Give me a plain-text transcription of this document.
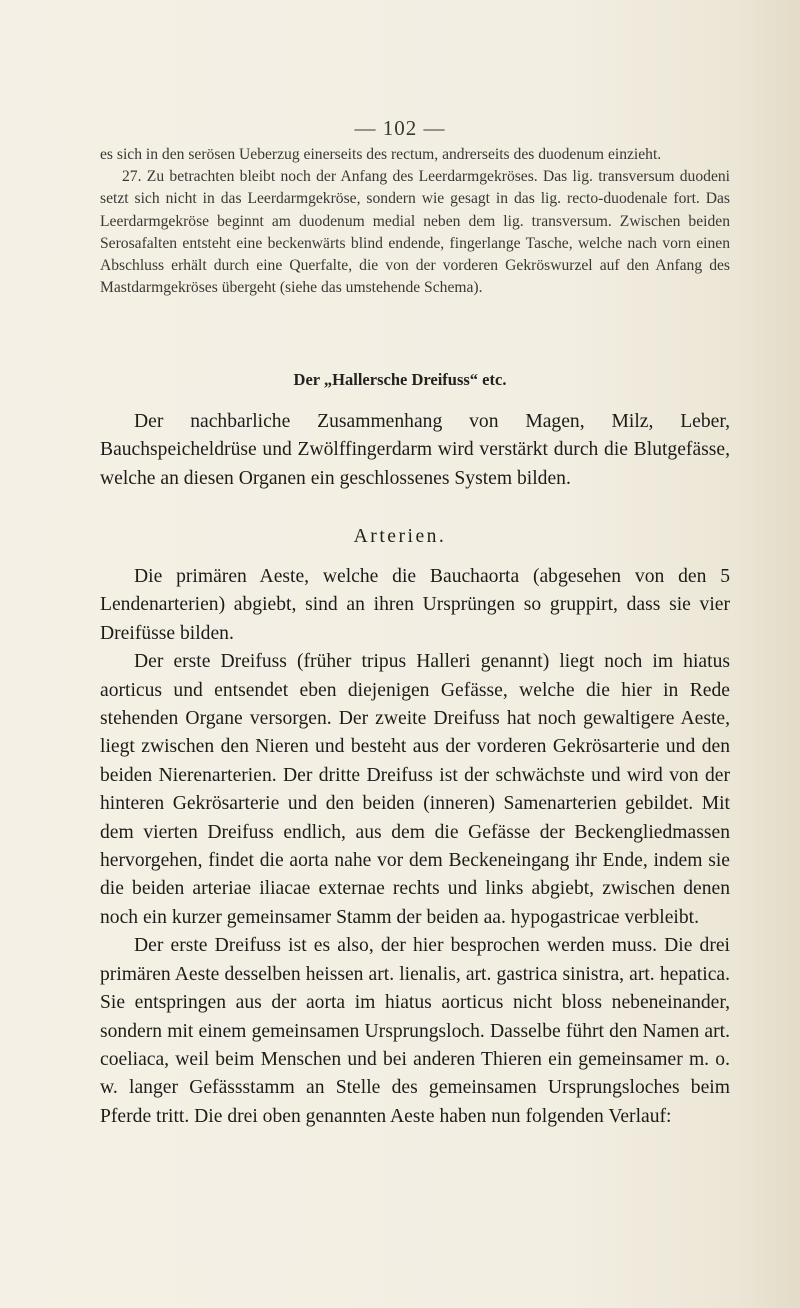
— 102 —

es sich in den serösen Ueberzug einerseits des rectum, andrerseits des duodenum einzieht.

27. Zu betrachten bleibt noch der Anfang des Leerdarmgekröses. Das lig. transversum duodeni setzt sich nicht in das Leerdarmgekröse, sondern wie gesagt in das lig. recto-duodenale fort. Das Leerdarmgekröse beginnt am duodenum medial neben dem lig. transversum. Zwischen beiden Serosafalten entsteht eine beckenwärts blind endende, fingerlange Tasche, welche nach vorn einen Abschluss erhält durch eine Querfalte, die von der vorderen Gekröswurzel auf den Anfang des Mastdarmgekröses übergeht (siehe das umstehende Schema).

Der „Hallersche Dreifuss“ etc.

Der nachbarliche Zusammenhang von Magen, Milz, Leber, Bauchspeicheldrüse und Zwölffingerdarm wird verstärkt durch die Blutgefässe, welche an diesen Organen ein geschlossenes System bilden.

Arterien.

Die primären Aeste, welche die Bauchaorta (abgesehen von den 5 Lendenarterien) abgiebt, sind an ihren Ursprüngen so gruppirt, dass sie vier Dreifüsse bilden.

Der erste Dreifuss (früher tripus Halleri genannt) liegt noch im hiatus aorticus und entsendet eben diejenigen Gefässe, welche die hier in Rede stehenden Organe versorgen. Der zweite Dreifuss hat noch gewaltigere Aeste, liegt zwischen den Nieren und besteht aus der vorderen Gekrösarterie und den beiden Nierenarterien. Der dritte Dreifuss ist der schwächste und wird von der hinteren Gekrösarterie und den beiden (inneren) Samenarterien gebildet. Mit dem vierten Dreifuss endlich, aus dem die Gefässe der Beckengliedmassen hervorgehen, findet die aorta nahe vor dem Beckeneingang ihr Ende, indem sie die beiden arteriae iliacae externae rechts und links abgiebt, zwischen denen noch ein kurzer gemeinsamer Stamm der beiden aa. hypogastricae verbleibt.

Der erste Dreifuss ist es also, der hier besprochen werden muss. Die drei primären Aeste desselben heissen art. lienalis, art. gastrica sinistra, art. hepatica. Sie entspringen aus der aorta im hiatus aorticus nicht bloss nebeneinander, sondern mit einem gemeinsamen Ursprungsloch. Dasselbe führt den Namen art. coeliaca, weil beim Menschen und bei anderen Thieren ein gemeinsamer m. o. w. langer Gefässstamm an Stelle des gemeinsamen Ursprungsloches beim Pferde tritt. Die drei oben genannten Aeste haben nun folgenden Verlauf:
